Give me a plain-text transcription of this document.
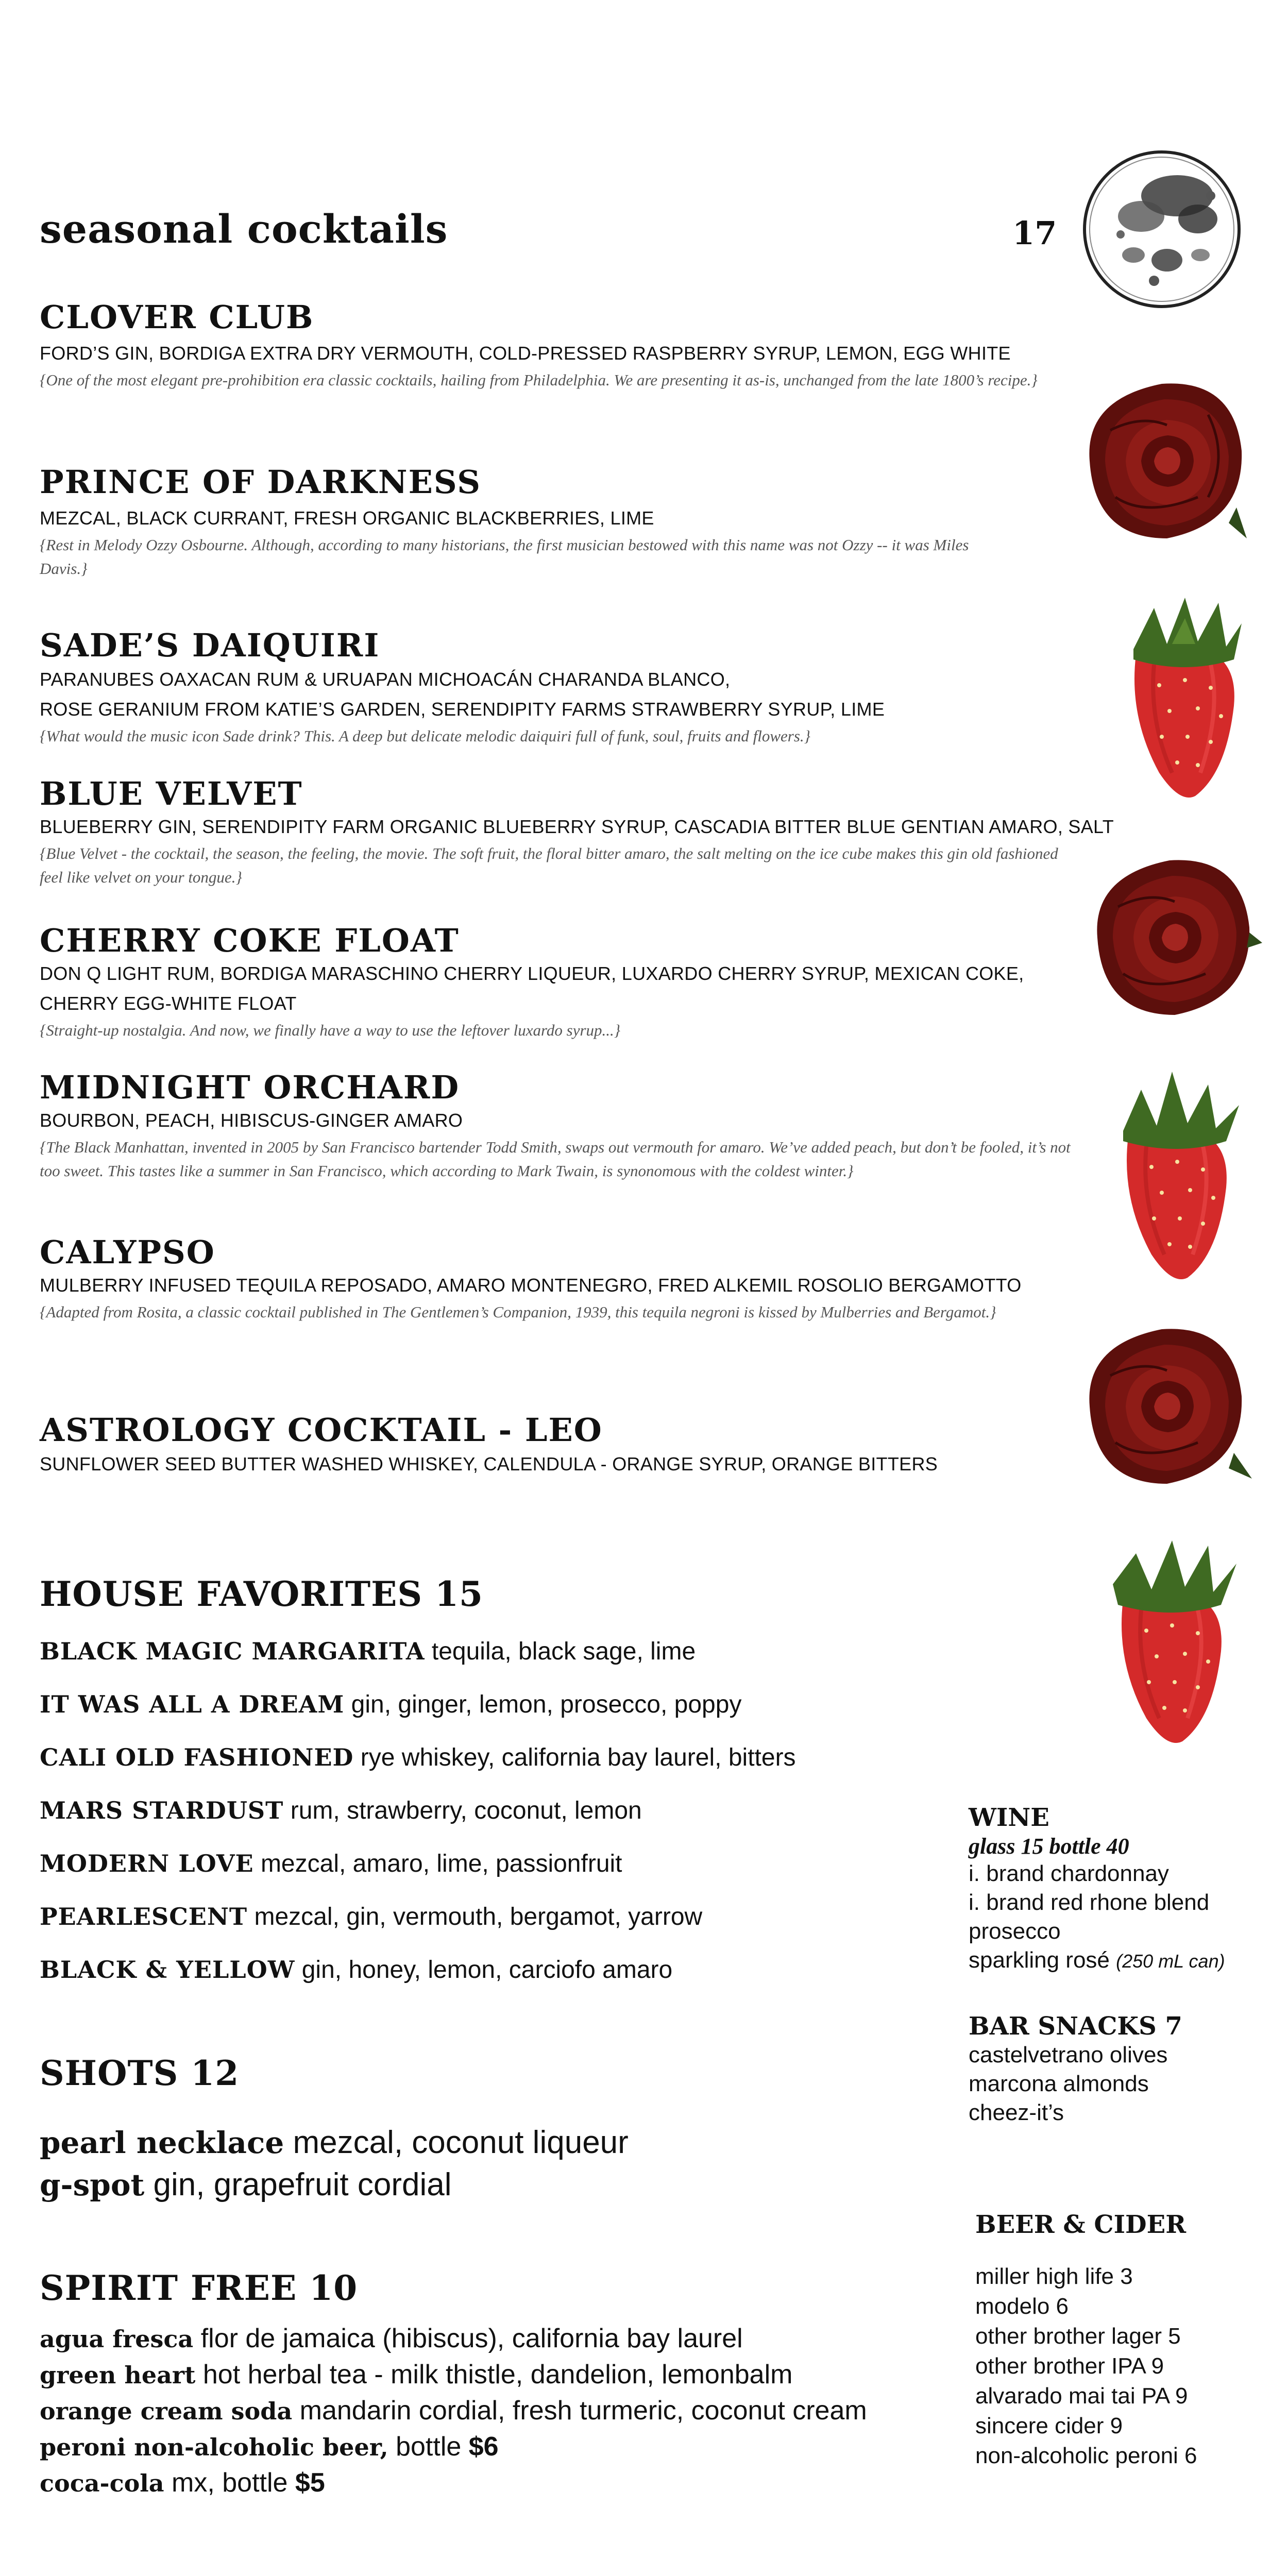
seasonal cocktails	17
CLOVER CLUB
FORD’S GIN, BORDIGA EXTRA DRY VERMOUTH, COLD-PRESSED RASPBERRY SYRUP, LEMON, EGG WHITE
{One of the most elegant pre-prohibition era classic cocktails, hailing from Philadelphia. We are presenting it as-is, unchanged from the late 1800’s recipe.}
PRINCE OF DARKNESS
MEZCAL, BLACK CURRANT, FRESH ORGANIC BLACKBERRIES, LIME
{Rest in Melody Ozzy Osbourne. Although, according to many historians, the first musician bestowed with this name was not Ozzy -- it was Miles Davis.}
SADE’S DAIQUIRI
PARANUBES OAXACAN RUM & URUAPAN MICHOACÁN CHARANDA BLANCO,
ROSE GERANIUM FROM KATIE’S GARDEN, SERENDIPITY FARMS STRAWBERRY SYRUP, LIME
{What would the music icon Sade drink? This. A deep but delicate melodic daiquiri full of funk, soul, fruits and flowers.}
BLUE VELVET
BLUEBERRY GIN, SERENDIPITY FARM ORGANIC BLUEBERRY SYRUP, CASCADIA BITTER BLUE GENTIAN AMARO, SALT
{Blue Velvet - the cocktail, the season, the feeling, the movie. The soft fruit, the floral bitter amaro, the salt melting on the ice cube makes this gin old fashioned feel like velvet on your tongue.}
CHERRY COKE FLOAT
DON Q LIGHT RUM, BORDIGA MARASCHINO CHERRY LIQUEUR, LUXARDO CHERRY SYRUP, MEXICAN COKE,
CHERRY EGG-WHITE FLOAT
{Straight-up nostalgia. And now, we finally have a way to use the leftover luxardo syrup...}
MIDNIGHT ORCHARD
BOURBON, PEACH, HIBISCUS-GINGER AMARO
{The Black Manhattan, invented in 2005 by San Francisco bartender Todd Smith, swaps out vermouth for amaro. We’ve added peach, but don’t be fooled, it’s not too sweet. This tastes like a summer in San Francisco, which according to Mark Twain, is synonomous with the coldest winter.}
CALYPSO
MULBERRY INFUSED TEQUILA REPOSADO, AMARO MONTENEGRO, FRED ALKEMIL ROSOLIO BERGAMOTTO
{Adapted from Rosita, a classic cocktail published in The Gentlemen’s Companion, 1939, this tequila negroni is kissed by Mulberries and Bergamot.}
ASTROLOGY COCKTAIL - LEO
SUNFLOWER SEED BUTTER WASHED WHISKEY, CALENDULA - ORANGE SYRUP, ORANGE BITTERS
HOUSE FAVORITES 15
BLACK MAGIC MARGARITA tequila, black sage, lime
IT WAS ALL A DREAM gin, ginger, lemon, prosecco, poppy
CALI OLD FASHIONED rye whiskey, california bay laurel, bitters
MARS STARDUST rum, strawberry, coconut, lemon
MODERN LOVE mezcal, amaro, lime, passionfruit
PEARLESCENT mezcal, gin, vermouth, bergamot, yarrow
BLACK & YELLOW gin, honey, lemon, carciofo amaro
SHOTS 12
pearl necklace mezcal, coconut liqueur
g-spot gin, grapefruit cordial
SPIRIT FREE 10
agua fresca flor de jamaica (hibiscus), california bay laurel
green heart hot herbal tea - milk thistle, dandelion, lemonbalm
orange cream soda mandarin cordial, fresh turmeric, coconut cream
peroni non-alcoholic beer, bottle $6
coca-cola mx, bottle $5
WINE
glass 15 bottle 40
i. brand chardonnay
i. brand red rhone blend
prosecco
sparkling rosé (250 mL can)
BAR SNACKS 7
castelvetrano olives
marcona almonds
cheez-it’s
BEER & CIDER
miller high life 3
modelo 6
other brother lager 5
other brother IPA 9
alvarado mai tai PA 9
sincere cider 9
non-alcoholic peroni 6
